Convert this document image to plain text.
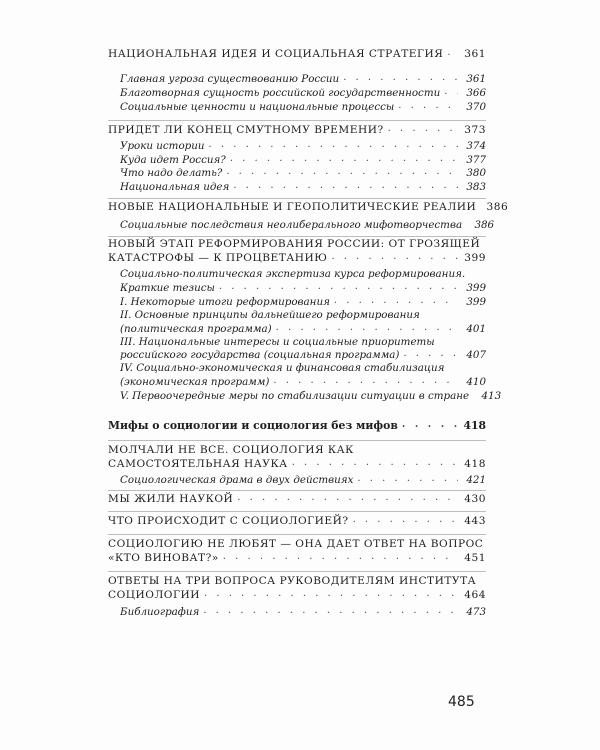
НАЦИОНАЛЬНАЯ ИДЕЯ И СОЦИАЛЬНАЯ СТРАТЕГИЯ . . .	361
Главная угроза существованию России . . .	361
Благотворная сущность российской государственности . . .	366
Социальные ценности и национальные процессы . . .	370
ПРИДЕТ ЛИ КОНЕЦ СМУТНОМУ ВРЕМЕНИ? . . .	373
Уроки истории . . .	374
Куда идет Россия? . . .	377
Что надо делать? . . .	380
Национальная идея . . .	383
НОВЫЕ НАЦИОНАЛЬНЫЕ И ГЕОПОЛИТИЧЕСКИЕ РЕАЛИИ 386
Социальные последствия неолиберального мифотворчества	386
НОВЫЙ ЭТАП РЕФОРМИРОВАНИЯ РОССИИ: ОТ ГРОЗЯЩЕЙ
КАТАСТРОФЫ — К ПРОЦВЕТАНИЮ . . .	399
Социально-политическая экспертиза курса реформирования.
Краткие тезисы . . .	399
I. Некоторые итоги реформирования . . .	399
II. Основные принципы дальнейшего реформирования
(политическая программа) . . .	401
III. Национальные интересы и социальные приоритеты
российского государства (социальная программа) . . .	407
IV. Социально-экономическая и финансовая стабилизация
(экономическая программ) . . .	410
V. Первоочередные меры по стабилизации ситуации в стране	413
Мифы о социологии и социология без мифов . . .	418
МОЛЧАЛИ НЕ ВСЕ. СОЦИОЛОГИЯ КАК
САМОСТОЯТЕЛЬНАЯ НАУКА . . .	418
Социологическая драма в двух действиях . . .	421
МЫ ЖИЛИ НАУКОЙ . . .	430
ЧТО ПРОИСХОДИТ С СОЦИОЛОГИЕЙ? . . .	443
СОЦИОЛОГИЮ НЕ ЛЮБЯТ — ОНА ДАЕТ ОТВЕТ НА ВОПРОС
«КТО ВИНОВАТ?» . . .	451
ОТВЕТЫ НА ТРИ ВОПРОСА РУКОВОДИТЕЛЯМ ИНСТИТУТА
СОЦИОЛОГИИ . . .	464
Библиография . . .	473
485
